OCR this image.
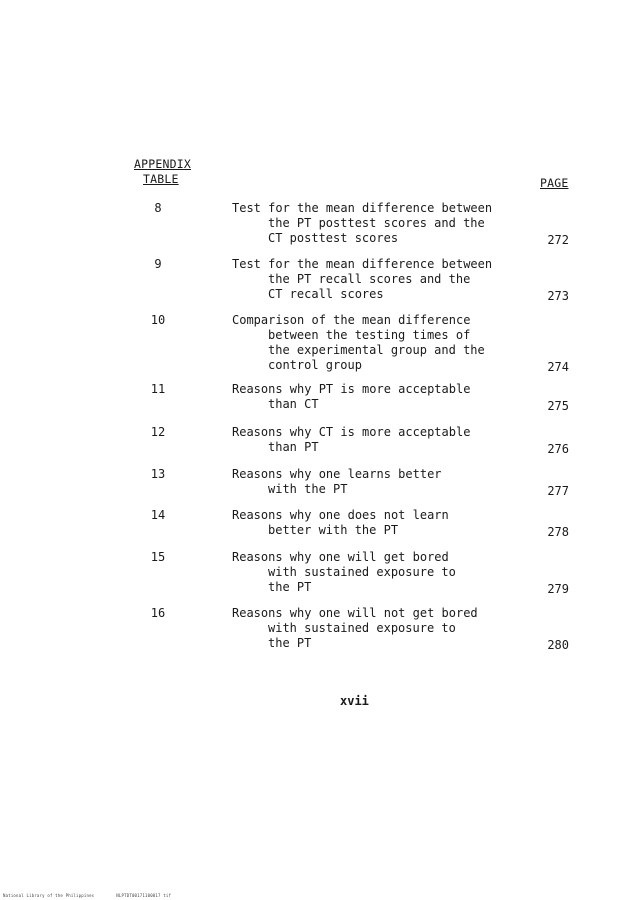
APPENDIX
TABLE	PAGE
8	Test for the mean difference between
the PT posttest scores and the
CT posttest scores	272
9	Test for the mean difference between
the PT recall scores and the
CT recall scores	273
10	Comparison of the mean difference
between the testing times of
the experimental group and the
control group	274
11	Reasons why PT is more acceptable
than CT	275
12	Reasons why CT is more acceptable
than PT	276
13	Reasons why one learns better
with the PT	277
14	Reasons why one does not learn
better with the PT	278
15	Reasons why one will get bored
with sustained exposure to
the PT	279
16	Reasons why one will not get bored
with sustained exposure to
the PT	280
xvii
National Library of the Philippines	NLPTDT00171100017 tif
